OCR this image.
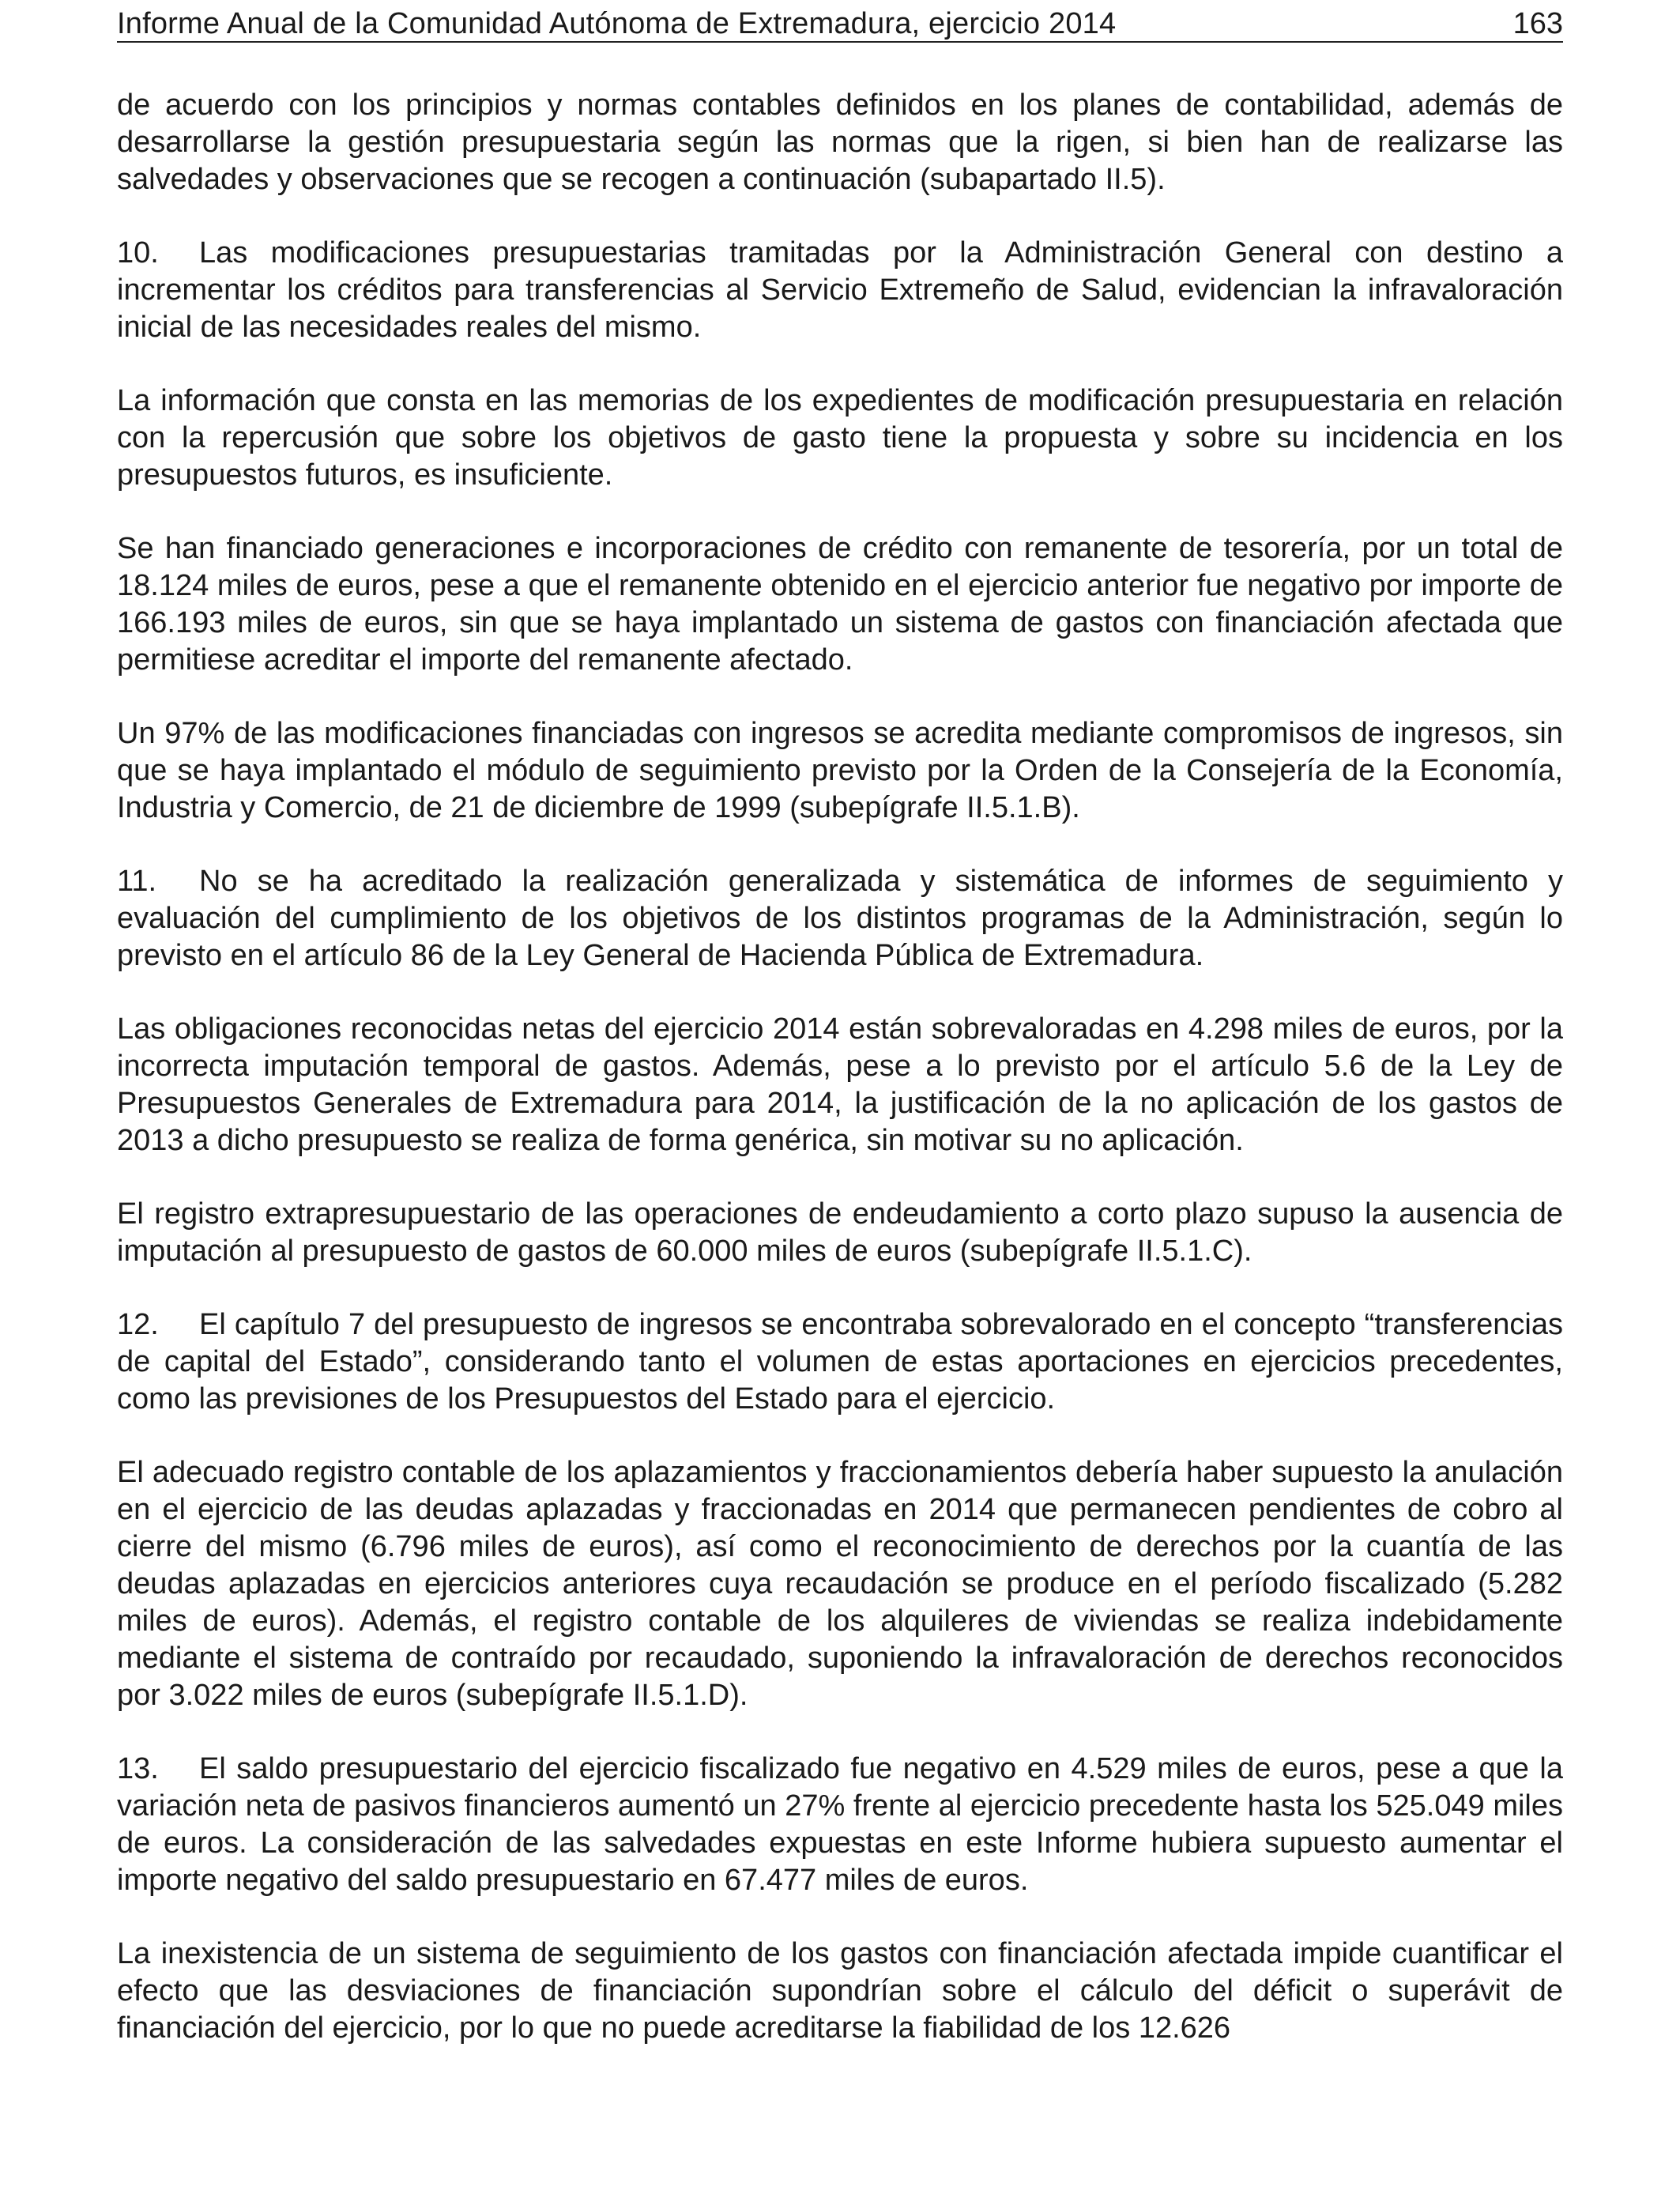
Informe Anual de la Comunidad Autónoma de Extremadura, ejercicio 2014	163

de acuerdo con los principios y normas contables definidos en los planes de contabilidad, además de desarrollarse la gestión presupuestaria según las normas que la rigen, si bien han de realizarse las salvedades y observaciones que se recogen a continuación (subapartado II.5).

10. Las modificaciones presupuestarias tramitadas por la Administración General con destino a incrementar los créditos para transferencias al Servicio Extremeño de Salud, evidencian la infravaloración inicial de las necesidades reales del mismo.

La información que consta en las memorias de los expedientes de modificación presupuestaria en relación con la repercusión que sobre los objetivos de gasto tiene la propuesta y sobre su incidencia en los presupuestos futuros, es insuficiente.

Se han financiado generaciones e incorporaciones de crédito con remanente de tesorería, por un total de 18.124 miles de euros, pese a que el remanente obtenido en el ejercicio anterior fue negativo por importe de 166.193 miles de euros, sin que se haya implantado un sistema de gastos con financiación afectada que permitiese acreditar el importe del remanente afectado.

Un 97% de las modificaciones financiadas con ingresos se acredita mediante compromisos de ingresos, sin que se haya implantado el módulo de seguimiento previsto por la Orden de la Consejería de la Economía, Industria y Comercio, de 21 de diciembre de 1999 (subepígrafe II.5.1.B).

11. No se ha acreditado la realización generalizada y sistemática de informes de seguimiento y evaluación del cumplimiento de los objetivos de los distintos programas de la Administración, según lo previsto en el artículo 86 de la Ley General de Hacienda Pública de Extremadura.

Las obligaciones reconocidas netas del ejercicio 2014 están sobrevaloradas en 4.298 miles de euros, por la incorrecta imputación temporal de gastos. Además, pese a lo previsto por el artículo 5.6 de la Ley de Presupuestos Generales de Extremadura para 2014, la justificación de la no aplicación de los gastos de 2013 a dicho presupuesto se realiza de forma genérica, sin motivar su no aplicación.

El registro extrapresupuestario de las operaciones de endeudamiento a corto plazo supuso la ausencia de imputación al presupuesto de gastos de 60.000 miles de euros (subepígrafe II.5.1.C).

12. El capítulo 7 del presupuesto de ingresos se encontraba sobrevalorado en el concepto “transferencias de capital del Estado”, considerando tanto el volumen de estas aportaciones en ejercicios precedentes, como las previsiones de los Presupuestos del Estado para el ejercicio.

El adecuado registro contable de los aplazamientos y fraccionamientos debería haber supuesto la anulación en el ejercicio de las deudas aplazadas y fraccionadas en 2014 que permanecen pendientes de cobro al cierre del mismo (6.796 miles de euros), así como el reconocimiento de derechos por la cuantía de las deudas aplazadas en ejercicios anteriores cuya recaudación se produce en el período fiscalizado (5.282 miles de euros). Además, el registro contable de los alquileres de viviendas se realiza indebidamente mediante el sistema de contraído por recaudado, suponiendo la infravaloración de derechos reconocidos por 3.022 miles de euros (subepígrafe II.5.1.D).

13. El saldo presupuestario del ejercicio fiscalizado fue negativo en 4.529 miles de euros, pese a que la variación neta de pasivos financieros aumentó un 27% frente al ejercicio precedente hasta los 525.049 miles de euros. La consideración de las salvedades expuestas en este Informe hubiera supuesto aumentar el importe negativo del saldo presupuestario en 67.477 miles de euros.

La inexistencia de un sistema de seguimiento de los gastos con financiación afectada impide cuantificar el efecto que las desviaciones de financiación supondrían sobre el cálculo del déficit o superávit de financiación del ejercicio, por lo que no puede acreditarse la fiabilidad de los 12.626
